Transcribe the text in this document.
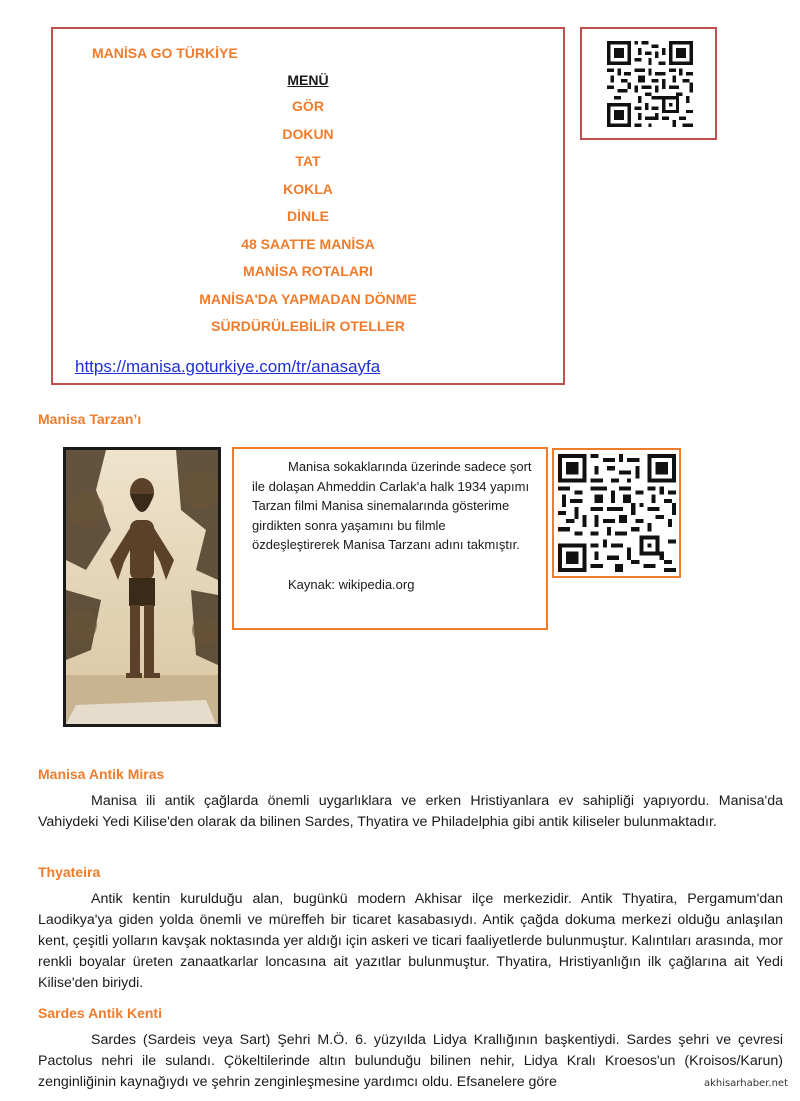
MANİSA GO TÜRKİYE
MENÜ
GÖR
DOKUN
TAT
KOKLA
DİNLE
48 SAATTE MANİSA
MANİSA ROTALARI
MANİSA'DA YAPMADAN DÖNME
SÜRDÜRÜLEBİLİR OTELLER
https://manisa.goturkiye.com/tr/anasayfa
Manisa Tarzan’ı

Manisa sokaklarında üzerinde sadece şort ile dolaşan Ahmeddin Carlak'a halk 1934 yapımı Tarzan filmi Manisa sinemalarında gösterime girdikten sonra yaşamını bu filmle özdeşleştirerek Manisa Tarzanı adını takmıştır.

Kaynak: wikipedia.org

Manisa Antik Miras

Manisa ili antik çağlarda önemli uygarlıklara ve erken Hristiyanlara ev sahipliği yapıyordu. Manisa'da Vahiydeki Yedi Kilise'den olarak da bilinen Sardes, Thyatira ve Philadelphia gibi antik kiliseler bulunmaktadır.

Thyateira

Antik kentin kurulduğu alan, bugünkü modern Akhisar ilçe merkezidir. Antik Thyatira, Pergamum'dan Laodikya'ya giden yolda önemli ve müreffeh bir ticaret kasabasıydı. Antik çağda dokuma merkezi olduğu anlaşılan kent, çeşitli yolların kavşak noktasında yer aldığı için askeri ve ticari faaliyetlerde bulunmuştur. Kalıntıları arasında, mor renkli boyalar üreten zanaatkarlar loncasına ait yazıtlar bulunmuştur. Thyatira, Hristiyanlığın ilk çağlarına ait Yedi Kilise'den biriydi.

Sardes Antik Kenti

Sardes (Sardeis veya Sart) Şehri M.Ö. 6. yüzyılda Lidya Krallığının başkentiydi. Sardes şehri ve çevresi Pactolus nehri ile sulandı. Çökeltilerinde altın bulunduğu bilinen nehir, Lidya Kralı Kroesos'un (Kroisos/Karun) zenginliğinin kaynağıydı ve şehrin zenginleşmesine yardımcı oldu. Efsanelere göre	akhisarhaber.net
